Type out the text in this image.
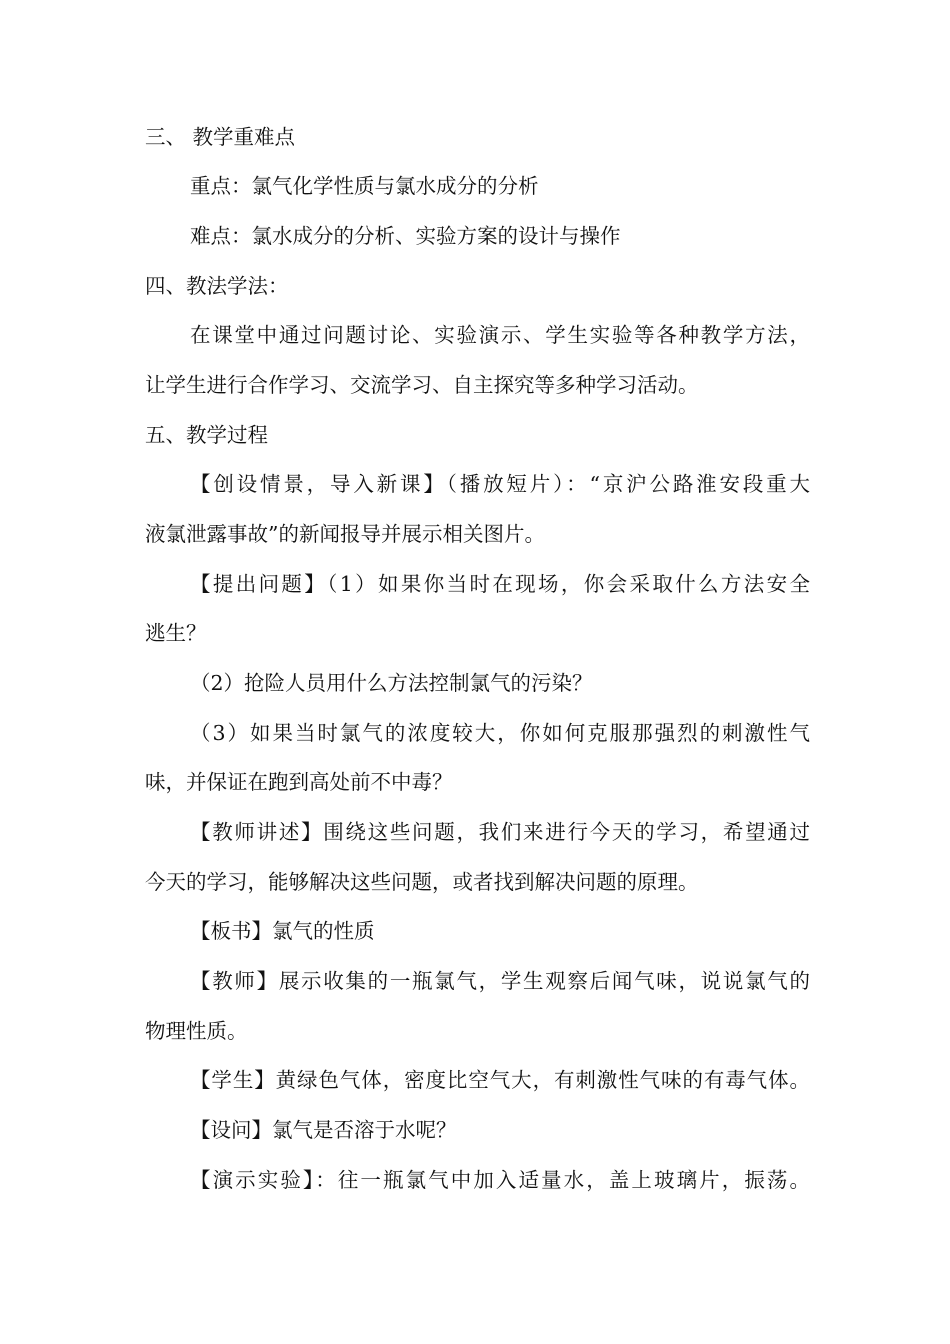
三、 教学重难点
重点：氯气化学性质与氯水成分的分析
难点：氯水成分的分析、实验方案的设计与操作
四、教法学法：
在课堂中通过问题讨论、实验演示、学生实验等各种教学方法，
让学生进行合作学习、交流学习、自主探究等多种学习活动。
五、教学过程
【创设情景，导入新课】（播放短片）：“京沪公路淮安段重大
液氯泄露事故”的新闻报导并展示相关图片。
【提出问题】（1）如果你当时在现场，你会采取什么方法安全
逃生？
（2）抢险人员用什么方法控制氯气的污染？
（3）如果当时氯气的浓度较大，你如何克服那强烈的刺激性气
味，并保证在跑到高处前不中毒？
【教师讲述】围绕这些问题，我们来进行今天的学习，希望通过
今天的学习，能够解决这些问题，或者找到解决问题的原理。
【板书】氯气的性质
【教师】展示收集的一瓶氯气，学生观察后闻气味，说说氯气的
物理性质。
【学生】黄绿色气体，密度比空气大，有刺激性气味的有毒气体。
【设问】氯气是否溶于水呢？
【演示实验】：往一瓶氯气中加入适量水，盖上玻璃片，振荡。
